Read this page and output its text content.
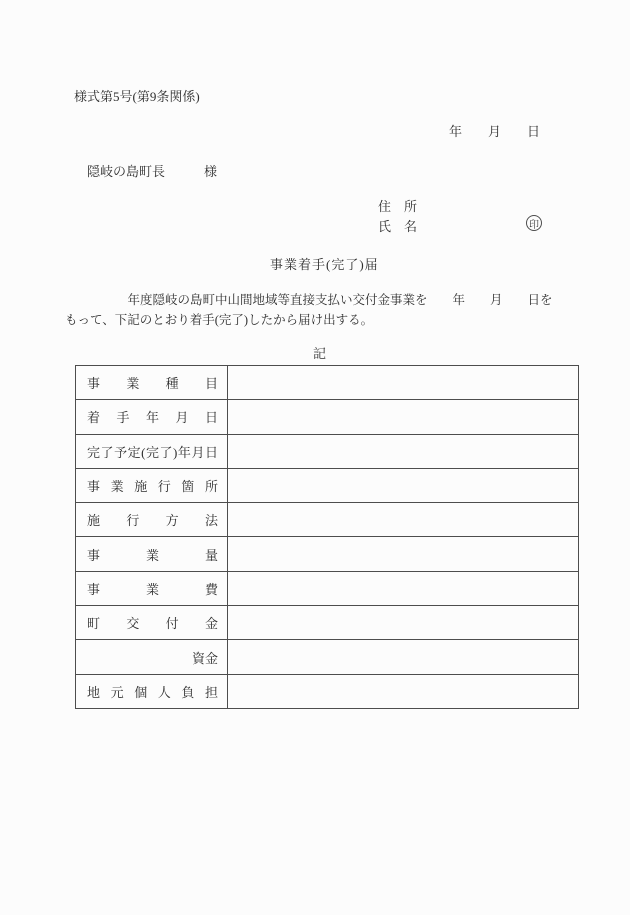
様式第5号(第9条関係)
年　　月　　日
隠岐の島町長　　　様
住　所
氏　名	印
事業着手(完了)届
　　　　　年度隠岐の島町中山間地域等直接支払い交付金事業を　　年　　月　　日を
もって、下記のとおり着手(完了)したから届け出する。
記
事業種目	
着手年月日	
完了予定(完了)年月日	
事業施行箇所	
施行方法	
事業量	
事業費	
町交付金	
資金	
地元個人負担	
